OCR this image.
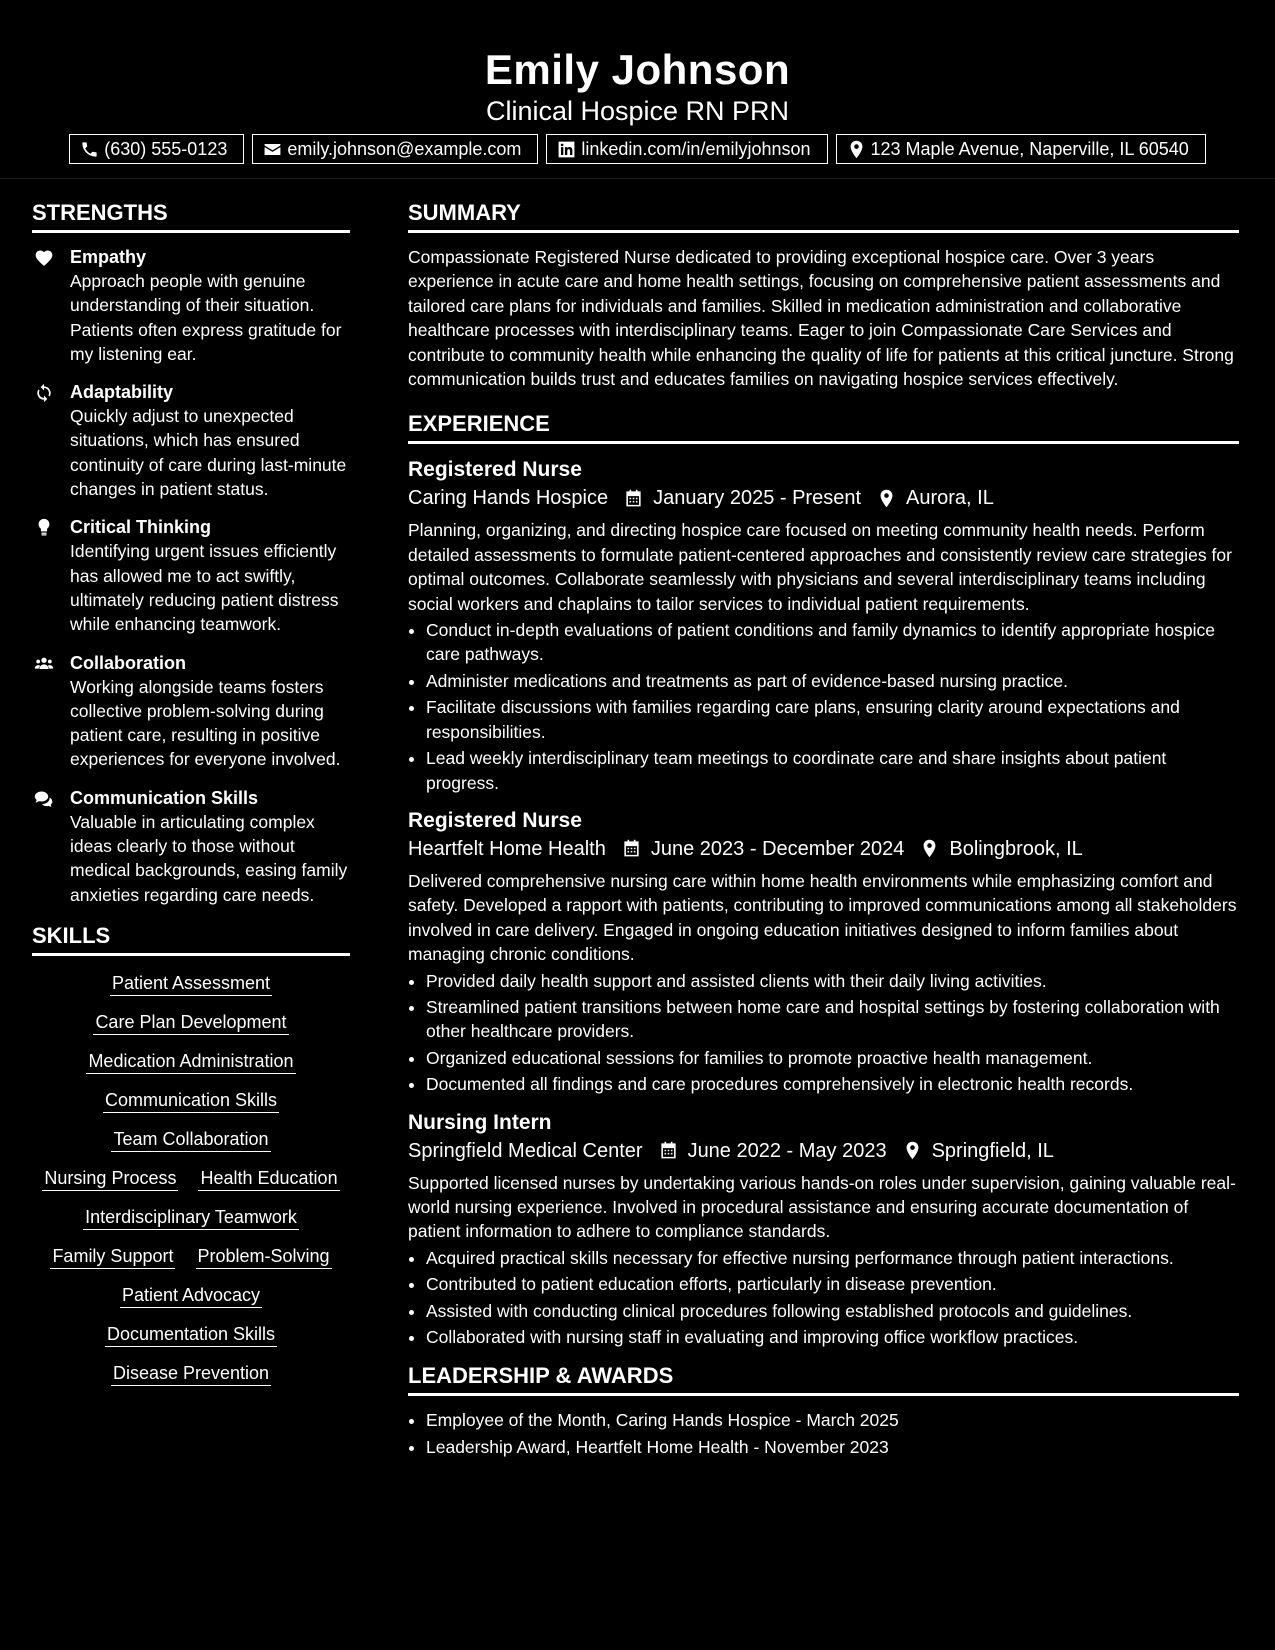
Emily Johnson
Clinical Hospice RN PRN
(630) 555-0123	emily.johnson@example.com	linkedin.com/in/emilyjohnson	123 Maple Avenue, Naperville, IL 60540
STRENGTHS
Empathy
Approach people with genuine understanding of their situation. Patients often express gratitude for my listening ear.
Adaptability
Quickly adjust to unexpected situations, which has ensured continuity of care during last-minute changes in patient status.
Critical Thinking
Identifying urgent issues efficiently has allowed me to act swiftly, ultimately reducing patient distress while enhancing teamwork.
Collaboration
Working alongside teams fosters collective problem-solving during patient care, resulting in positive experiences for everyone involved.
Communication Skills
Valuable in articulating complex ideas clearly to those without medical backgrounds, easing family anxieties regarding care needs.
SKILLS
Patient Assessment
Care Plan Development
Medication Administration
Communication Skills
Team Collaboration
Nursing Process Health Education
Interdisciplinary Teamwork
Family Support Problem-Solving
Patient Advocacy
Documentation Skills
Disease Prevention
SUMMARY
Compassionate Registered Nurse dedicated to providing exceptional hospice care. Over 3 years experience in acute care and home health settings, focusing on comprehensive patient assessments and tailored care plans for individuals and families. Skilled in medication administration and collaborative healthcare processes with interdisciplinary teams. Eager to join Compassionate Care Services and contribute to community health while enhancing the quality of life for patients at this critical juncture. Strong communication builds trust and educates families on navigating hospice services effectively.
EXPERIENCE
Registered Nurse
Caring Hands Hospice January 2025 - Present Aurora, IL
Planning, organizing, and directing hospice care focused on meeting community health needs. Perform detailed assessments to formulate patient-centered approaches and consistently review care strategies for optimal outcomes. Collaborate seamlessly with physicians and several interdisciplinary teams including social workers and chaplains to tailor services to individual patient requirements.
• Conduct in-depth evaluations of patient conditions and family dynamics to identify appropriate hospice care pathways.
• Administer medications and treatments as part of evidence-based nursing practice.
• Facilitate discussions with families regarding care plans, ensuring clarity around expectations and responsibilities.
• Lead weekly interdisciplinary team meetings to coordinate care and share insights about patient progress.
Registered Nurse
Heartfelt Home Health June 2023 - December 2024 Bolingbrook, IL
Delivered comprehensive nursing care within home health environments while emphasizing comfort and safety. Developed a rapport with patients, contributing to improved communications among all stakeholders involved in care delivery. Engaged in ongoing education initiatives designed to inform families about managing chronic conditions.
• Provided daily health support and assisted clients with their daily living activities.
• Streamlined patient transitions between home care and hospital settings by fostering collaboration with other healthcare providers.
• Organized educational sessions for families to promote proactive health management.
• Documented all findings and care procedures comprehensively in electronic health records.
Nursing Intern
Springfield Medical Center June 2022 - May 2023 Springfield, IL
Supported licensed nurses by undertaking various hands-on roles under supervision, gaining valuable real-world nursing experience. Involved in procedural assistance and ensuring accurate documentation of patient information to adhere to compliance standards.
• Acquired practical skills necessary for effective nursing performance through patient interactions.
• Contributed to patient education efforts, particularly in disease prevention.
• Assisted with conducting clinical procedures following established protocols and guidelines.
• Collaborated with nursing staff in evaluating and improving office workflow practices.
LEADERSHIP & AWARDS
• Employee of the Month, Caring Hands Hospice - March 2025
• Leadership Award, Heartfelt Home Health - November 2023
